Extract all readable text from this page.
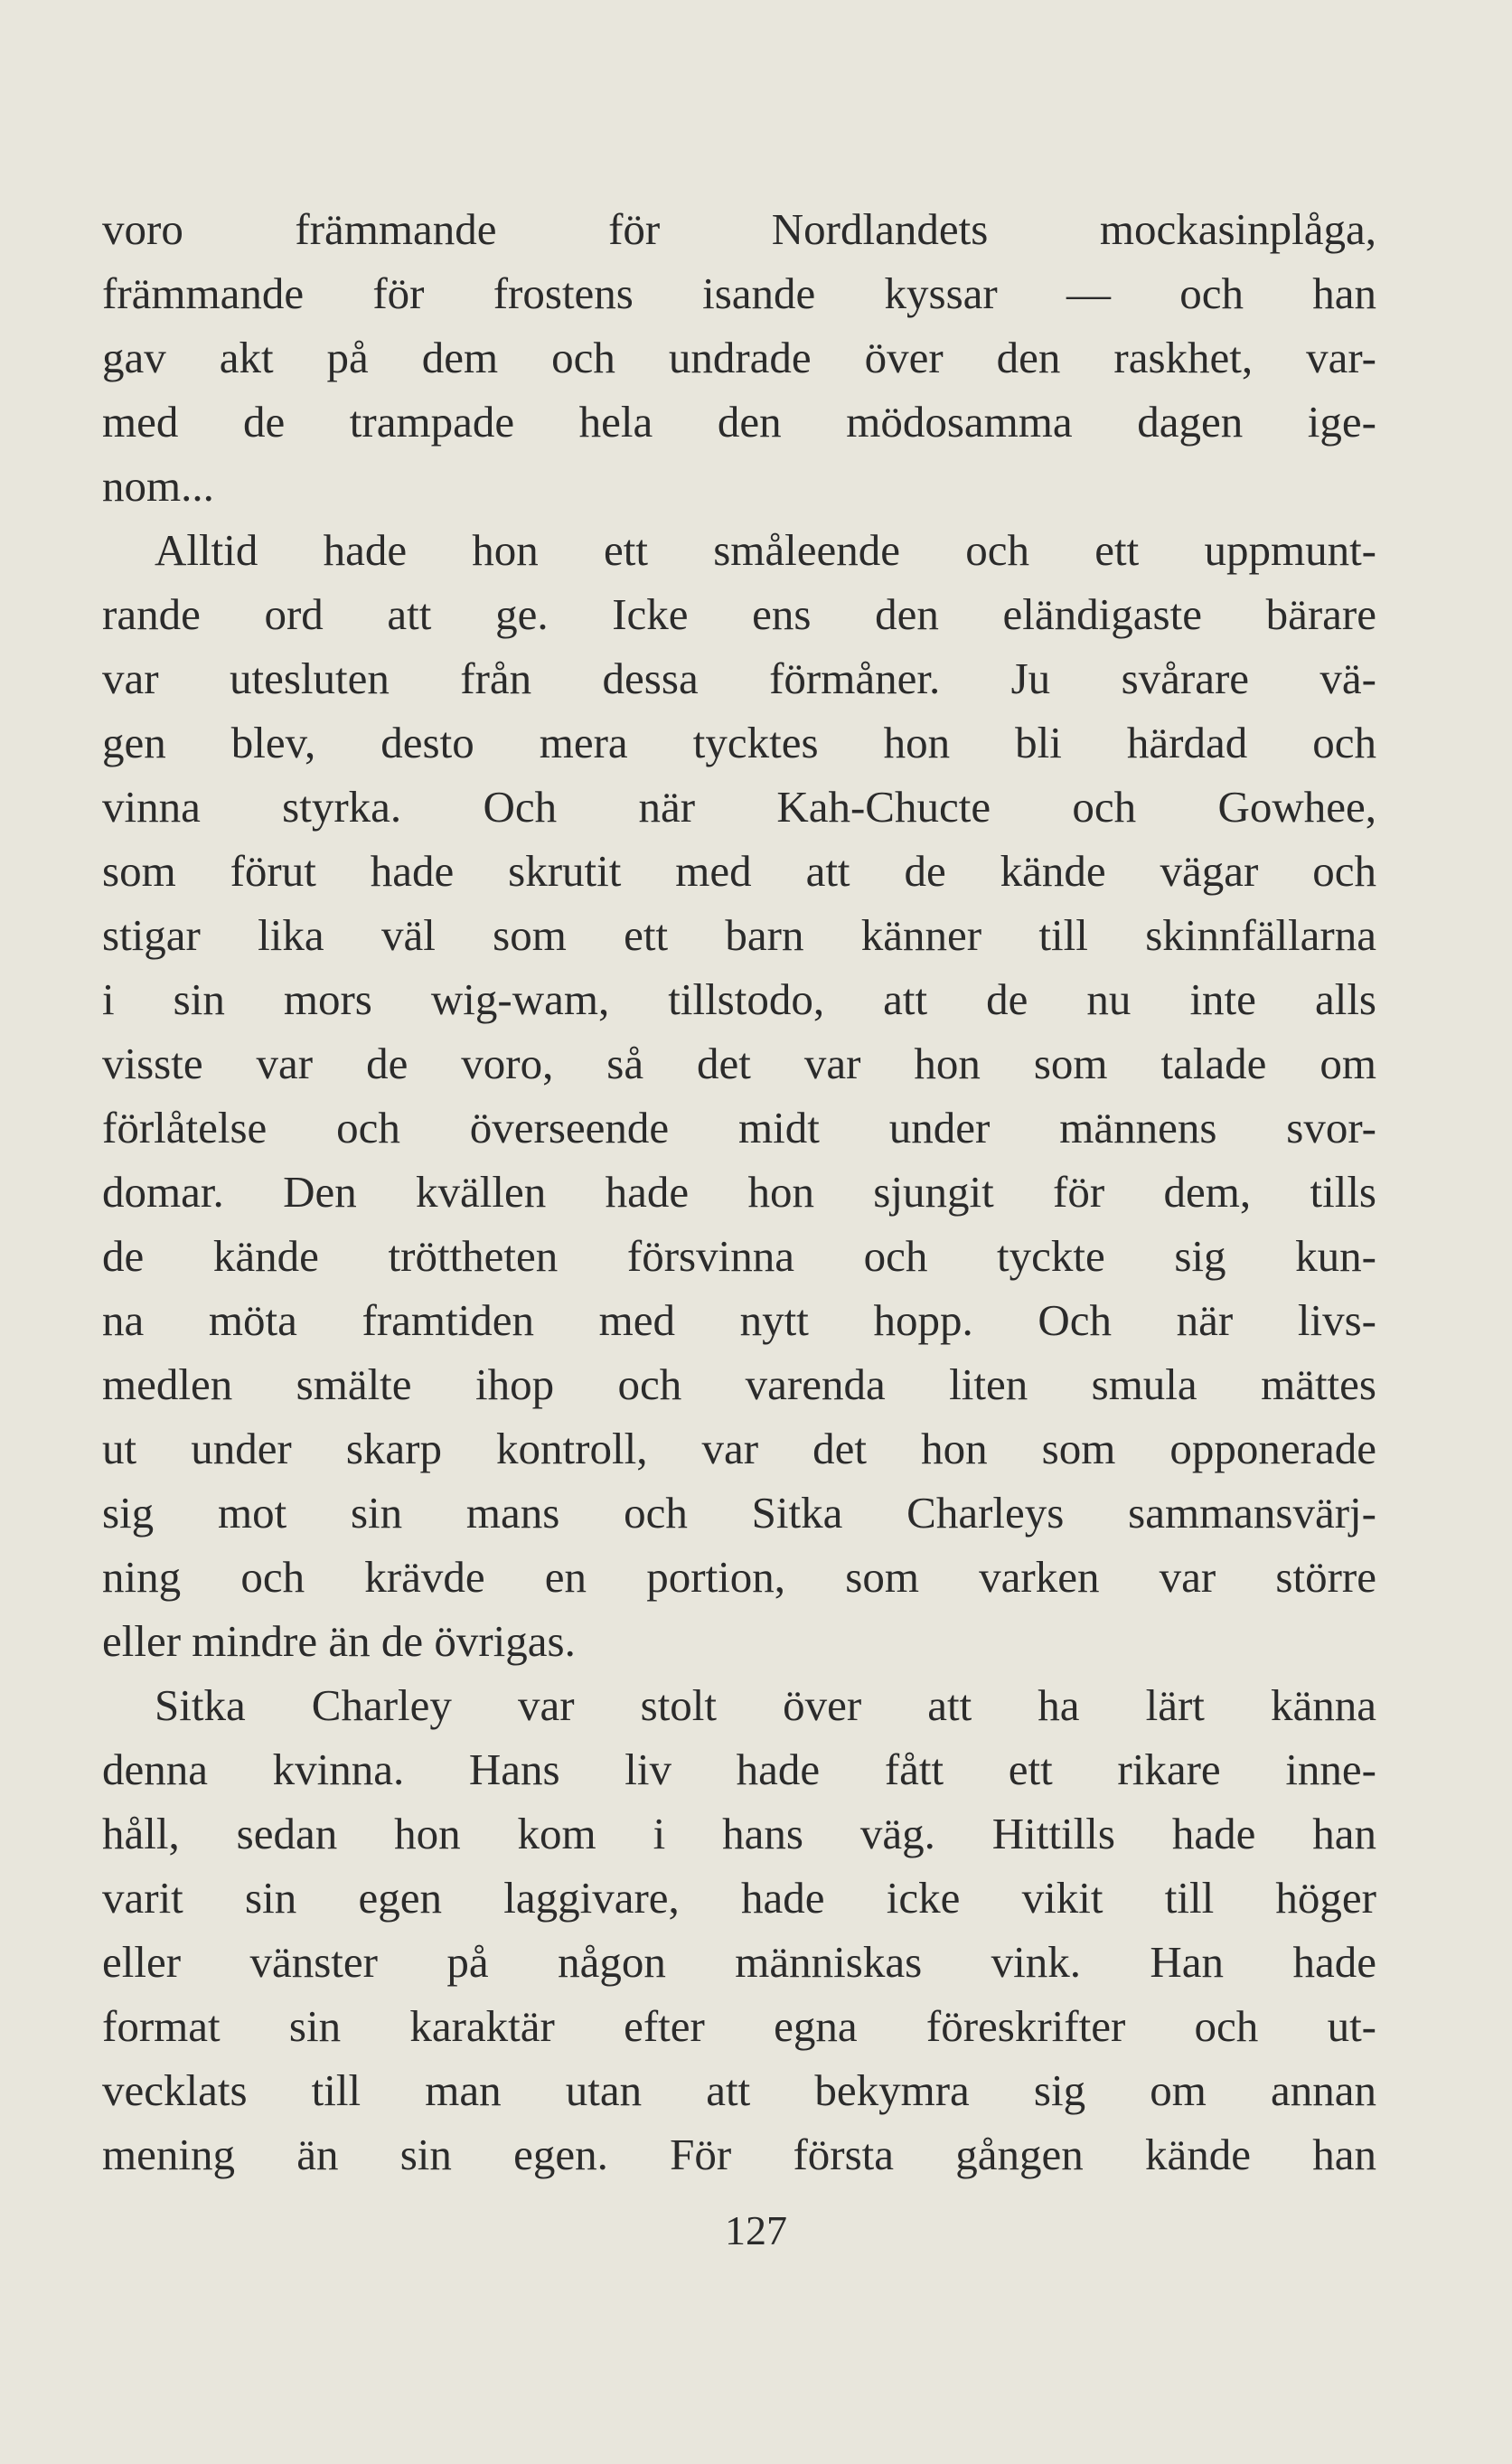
voro främmande för Nordlandets mockasinplåga,
främmande för frostens isande kyssar — och han
gav akt på dem och undrade över den raskhet, var-
med de trampade hela den mödosamma dagen ige-
nom...
Alltid hade hon ett småleende och ett uppmunt-
rande ord att ge. Icke ens den eländigaste bärare
var utesluten från dessa förmåner. Ju svårare vä-
gen blev, desto mera tycktes hon bli härdad och
vinna styrka. Och när Kah-Chucte och Gowhee,
som förut hade skrutit med att de kände vägar och
stigar lika väl som ett barn känner till skinnfällarna
i sin mors wig-wam, tillstodo, att de nu inte alls
visste var de voro, så det var hon som talade om
förlåtelse och överseende midt under männens svor-
domar. Den kvällen hade hon sjungit för dem, tills
de kände tröttheten försvinna och tyckte sig kun-
na möta framtiden med nytt hopp. Och när livs-
medlen smälte ihop och varenda liten smula mättes
ut under skarp kontroll, var det hon som opponerade
sig mot sin mans och Sitka Charleys sammansvärj-
ning och krävde en portion, som varken var större
eller mindre än de övrigas.
Sitka Charley var stolt över att ha lärt känna
denna kvinna. Hans liv hade fått ett rikare inne-
håll, sedan hon kom i hans väg. Hittills hade han
varit sin egen laggivare, hade icke vikit till höger
eller vänster på någon människas vink. Han hade
format sin karaktär efter egna föreskrifter och ut-
vecklats till man utan att bekymra sig om annan
mening än sin egen. För första gången kände han
127
